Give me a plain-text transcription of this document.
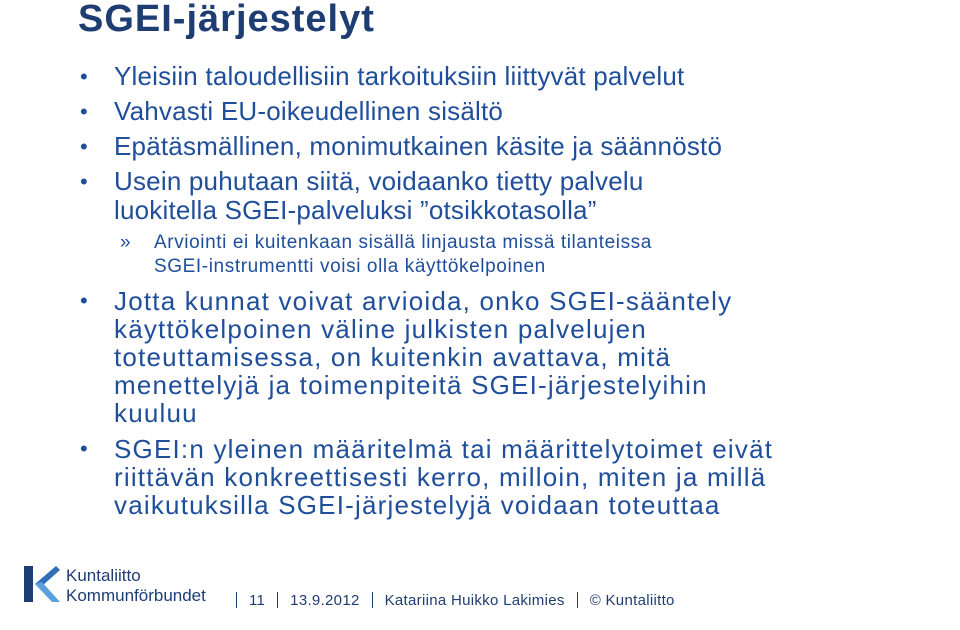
SGEI-järjestelyt
• Yleisiin taloudellisiin tarkoituksiin liittyvät palvelut
• Vahvasti EU-oikeudellinen sisältö
• Epätäsmällinen, monimutkainen käsite ja säännöstö
• Usein puhutaan siitä, voidaanko tietty palvelu
luokitella SGEI-palveluksi ”otsikkotasolla”
» Arviointi ei kuitenkaan sisällä linjausta missä tilanteissa
SGEI-instrumentti voisi olla käyttökelpoinen
• Jotta kunnat voivat arvioida, onko SGEI-sääntely
käyttökelpoinen väline julkisten palvelujen
toteuttamisessa, on kuitenkin avattava, mitä
menettelyjä ja toimenpiteitä SGEI-järjestelyihin
kuuluu
• SGEI:n yleinen määritelmä tai määrittelytoimet eivät
riittävän konkreettisesti kerro, milloin, miten ja millä
vaikutuksilla SGEI-järjestelyjä voidaan toteuttaa
Kuntaliitto
Kommunförbundet	11 13.9.2012 Katariina Huikko Lakimies © Kuntaliitto
